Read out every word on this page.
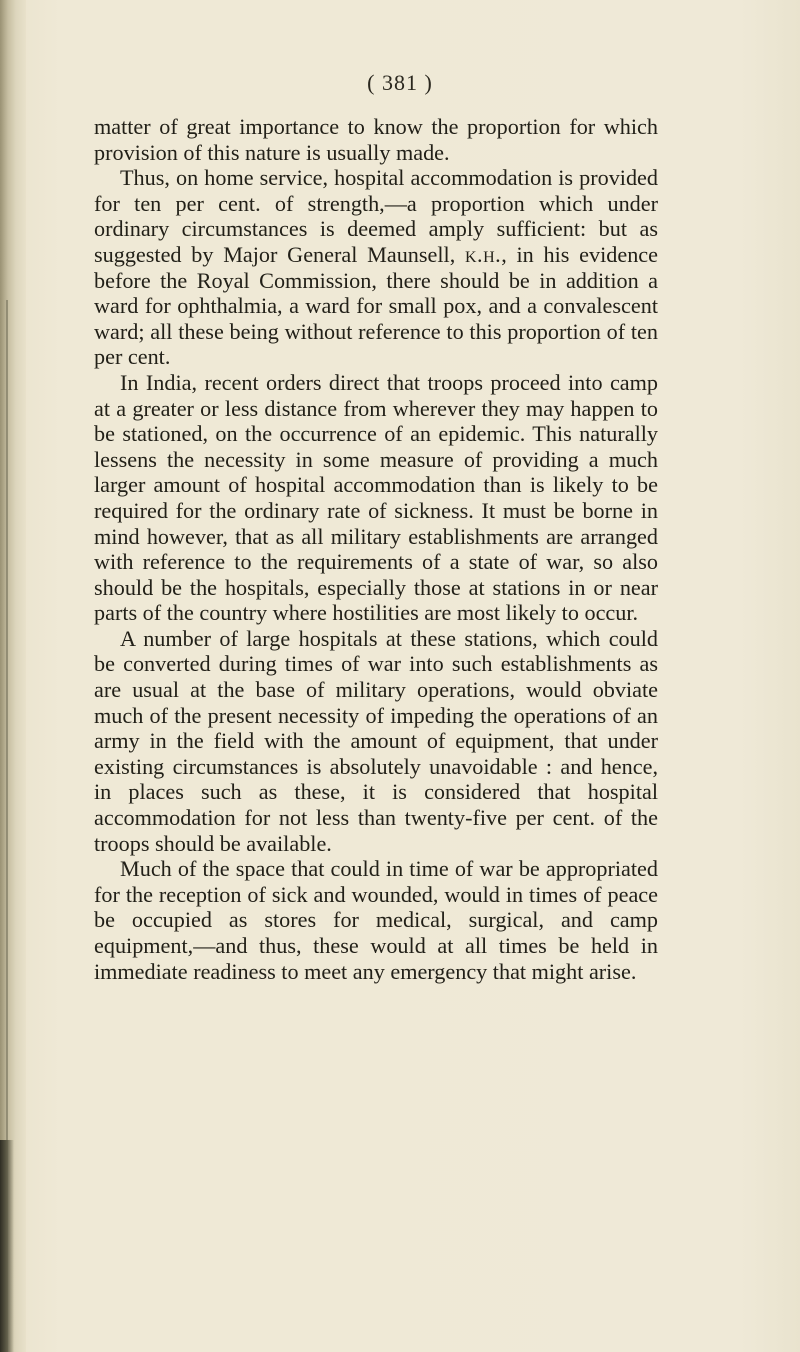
( 381 )

matter of great importance to know the proportion for which provision of this nature is usually made.

Thus, on home service, hospital accommodation is provided for ten per cent. of strength,—a proportion which under ordinary circumstances is deemed amply sufficient: but as suggested by Major General Maunsell, k.h., in his evidence before the Royal Commission, there should be in addition a ward for ophthalmia, a ward for small pox, and a convalescent ward; all these being without reference to this proportion of ten per cent.

In India, recent orders direct that troops proceed into camp at a greater or less distance from wherever they may happen to be stationed, on the occurrence of an epidemic. This naturally lessens the necessity in some measure of providing a much larger amount of hospital accommodation than is likely to be required for the ordinary rate of sickness. It must be borne in mind however, that as all military establishments are arranged with reference to the requirements of a state of war, so also should be the hospitals, especially those at stations in or near parts of the country where hostilities are most likely to occur.

A number of large hospitals at these stations, which could be converted during times of war into such establishments as are usual at the base of military operations, would obviate much of the present necessity of impeding the operations of an army in the field with the amount of equipment, that under existing circumstances is absolutely unavoidable : and hence, in places such as these, it is considered that hospital accommodation for not less than twenty-five per cent. of the troops should be available.

Much of the space that could in time of war be appropriated for the reception of sick and wounded, would in times of peace be occupied as stores for medical, surgical, and camp equipment,—and thus, these would at all times be held in immediate readiness to meet any emergency that might arise.
